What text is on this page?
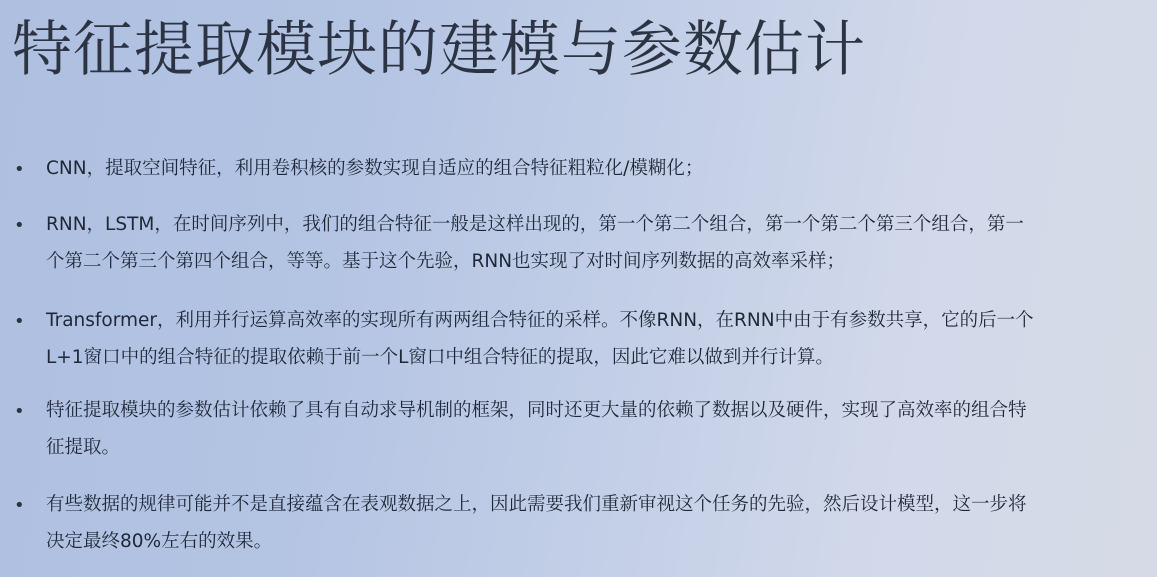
特征提取模块的建模与参数估计
• CNN，提取空间特征，利用卷积核的参数实现自适应的组合特征粗粒化/模糊化；
• RNN，LSTM，在时间序列中，我们的组合特征一般是这样出现的，第一个第二个组合，第一个第二个第三个组合，第一
个第二个第三个第四个组合，等等。基于这个先验，RNN也实现了对时间序列数据的高效率采样；
• Transformer，利用并行运算高效率的实现所有两两组合特征的采样。不像RNN，在RNN中由于有参数共享，它的后一个
L+1窗口中的组合特征的提取依赖于前一个L窗口中组合特征的提取，因此它难以做到并行计算。
• 特征提取模块的参数估计依赖了具有自动求导机制的框架，同时还更大量的依赖了数据以及硬件，实现了高效率的组合特
征提取。
• 有些数据的规律可能并不是直接蕴含在表观数据之上，因此需要我们重新审视这个任务的先验，然后设计模型，这一步将
决定最终80%左右的效果。
